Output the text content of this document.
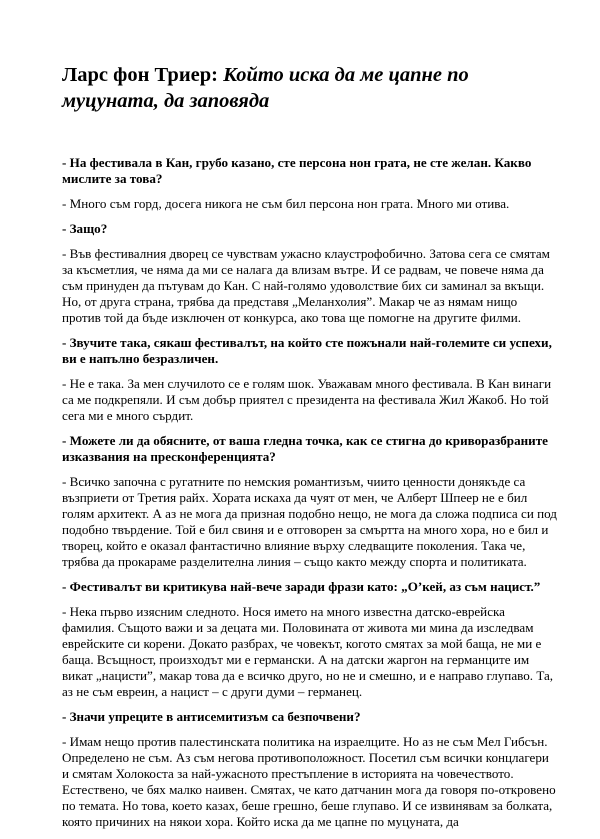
Ларс фон Триер: Който иска да ме цапне по муцуната, да заповяда

- На фестивала в Кан, грубо казано, сте персона нон грата, не сте желан. Какво мислите за това?

- Много съм горд, досега никога не съм бил персона нон грата. Много ми отива.

- Защо?

- Във фестивалния дворец се чувствам ужасно клаустрофобично. Затова сега се смятам за късметлия, че няма да ми се налага да влизам вътре. И се радвам, че повече няма да съм принуден да пътувам до Кан. С най-голямо удоволствие бих си заминал за вкъщи. Но, от друга страна, трябва да представя „Меланхолия”. Макар че аз нямам нищо против той да бъде изключен от конкурса, ако това ще помогне на другите филми.

- Звучите така, сякаш фестивалът, на който сте пожънали най-големите си успехи, ви е напълно безразличен.

- Не е така. За мен случилото се е голям шок. Уважавам много фестивала. В Кан винаги са ме подкрепяли. И съм добър приятел с президента на фестивала Жил Жакоб. Но той сега ми е много сърдит.

- Можете ли да обясните, от ваша гледна точка, как се стигна до криворазбраните изказвания на пресконференцията?

- Всичко започна с ругатните по немския романтизъм, чиито ценности донякъде са възприети от Третия райх. Хората искаха да чуят от мен, че Алберт Шпеер не е бил голям архитект. А аз не мога да призная подобно нещо, не мога да сложа подписа си под подобно твърдение. Той е бил свиня и е отговорен за смъртта на много хора, но е бил и творец, който е оказал фантастично влияние върху следващите поколения. Така че, трябва да прокараме разделителна линия – също както между спорта и политиката.

- Фестивалът ви критикува най-вече заради фрази като: „О’кей, аз съм нацист.”

- Нека първо изясним следното. Нося името на много известна датско-еврейска фамилия. Същото важи и за децата ми. Половината от живота ми мина да изследвам еврейските си корени. Докато разбрах, че човекът, когото смятах за мой баща, не ми е баща. Всъщност, произходът ми е германски. А на датски жаргон на германците им викат „нацисти”, макар това да е всичко друго, но не и смешно, и е направо глупаво. Та, аз не съм евреин, а нацист – с други думи – германец.

- Значи упреците в антисемитизъм са безпочвени?

- Имам нещо против палестинската политика на израелците. Но аз не съм Мел Гибсън. Определено не съм. Аз съм негова противоположност. Посетил съм всички концлагери и смятам Холокоста за най-ужасното престъпление в историята на човечеството. Естествено, че бях малко наивен. Смятах, че като датчанин мога да говоря по-откровено по темата. Но това, което казах, беше грешно, беше глупаво. И се извинявам за болката, която причиних на някои хора. Който иска да ме цапне по муцуната, да
